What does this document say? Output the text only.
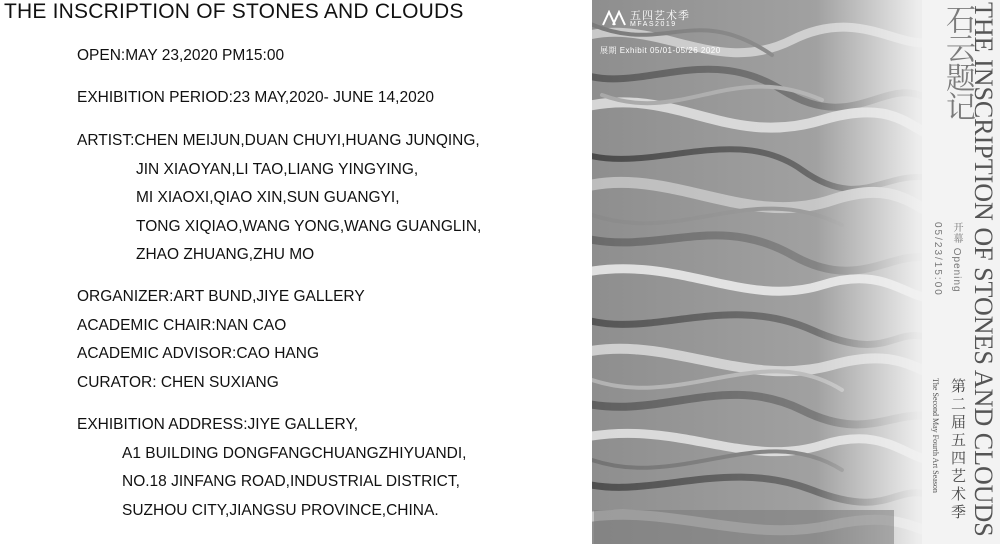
THE INSCRIPTION OF STONES AND CLOUDS
OPEN:MAY 23,2020 PM15:00
EXHIBITION PERIOD:23 MAY,2020- JUNE 14,2020
ARTIST:CHEN MEIJUN,DUAN CHUYI,HUANG JUNQING,
JIN XIAOYAN,LI TAO,LIANG YINGYING,
MI XIAOXI,QIAO XIN,SUN GUANGYI,
TONG XIQIAO,WANG YONG,WANG GUANGLIN,
ZHAO ZHUANG,ZHU MO
ORGANIZER:ART BUND,JIYE GALLERY
ACADEMIC CHAIR:NAN CAO
ACADEMIC ADVISOR:CAO HANG
CURATOR: CHEN SUXIANG
EXHIBITION ADDRESS:JIYE GALLERY,
A1 BUILDING DONGFANGCHUANGZHIYUANDI,
NO.18 JINFANG ROAD,INDUSTRIAL DISTRICT,
SUZHOU CITY,JIANGSU PROVINCE,CHINA.
五四艺术季
MFAS2019
展期 Exhibit 05/01-05/26 2020	石云题记
THE INSCRIPTION OF STONES AND CLOUDS
开幕 Opening
05/23/15:00
第二届五四艺术季
The Second May Fourth Art Season
